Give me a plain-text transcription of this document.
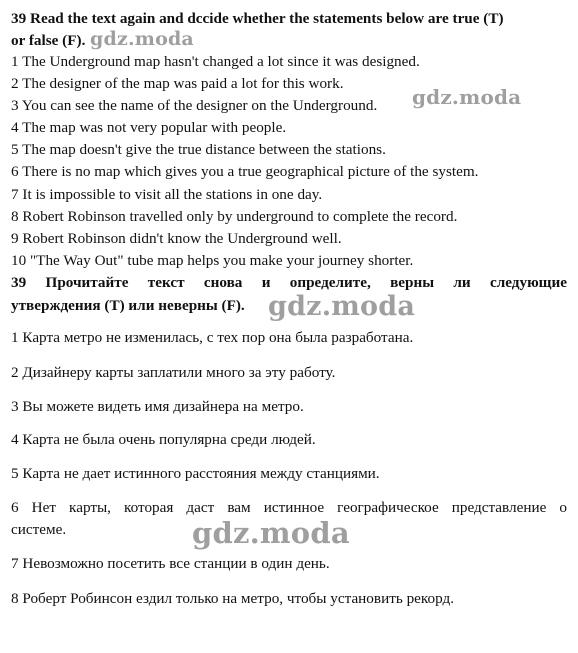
39 Read the text again and dccide whether the statements below are true (T)
or false (F).
1 The Underground map hasn't changed a lot since it was designed.
2 The designer of the map was paid a lot for this work.
3 You can see the name of the designer on the Underground.
4 The map was not very popular with people.
5 The map doesn't give the true distance between the stations.
6 There is no map which gives you a true geographical picture of the system.
7 It is impossible to visit all the stations in one day.
8 Robert Robinson travelled only by underground to complete the record.
9 Robert Robinson didn't know the Underground well.
10 "The Way Out" tube map helps you make your journey shorter.
39 Прочитайте текст снова и определите, верны ли следующие
утверждения (Т) или неверны (F).
1 Карта метро не изменилась, с тех пор она была разработана.
2 Дизайнеру карты заплатили много за эту работу.
3 Вы можете видеть имя дизайнера на метро.
4 Карта не была очень популярна среди людей.
5 Карта не дает истинного расстояния между станциями.
6 Нет карты, которая даст вам истинное географическое представление о
системе.
7 Невозможно посетить все станции в один день.
8 Роберт Робинсон ездил только на метро, чтобы установить рекорд.
gdz.moda
gdz.moda
gdz.moda
gdz.moda
